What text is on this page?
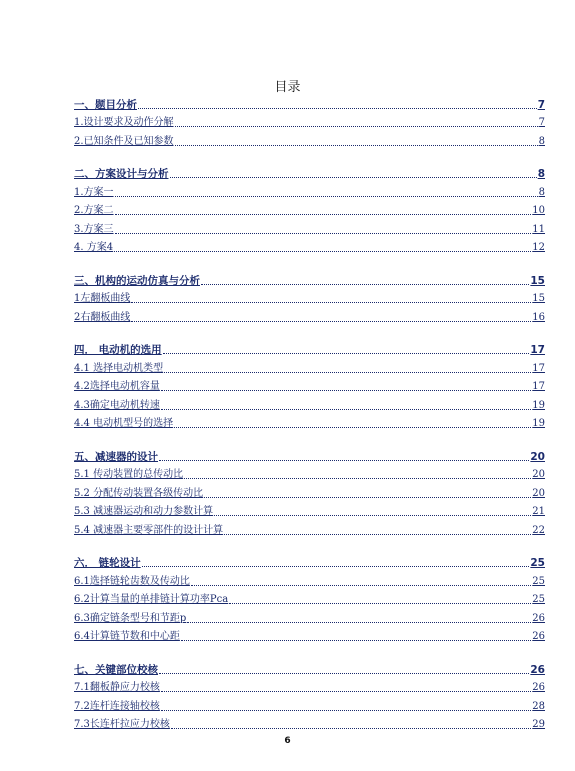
目录
一、题目分析	7
1.设计要求及动作分解	7
2.已知条件及已知参数	8
二、方案设计与分析	8
1.方案一	8
2.方案二	10
3.方案三	11
4. 方案4	12
三、机构的运动仿真与分析	15
1左翻板曲线	15
2右翻板曲线	16
四． 电动机的选用	17
4.1 选择电动机类型	17
4.2选择电动机容量	17
4.3确定电动机转速	19
4.4 电动机型号的选择	19
五、减速器的设计	20
5.1 传动装置的总传动比	20
5.2 分配传动装置各级传动比	20
5.3 减速器运动和动力参数计算	21
5.4 减速器主要零部件的设计计算	22
六． 链轮设计	25
6.1选择链轮齿数及传动比	25
6.2计算当量的单排链计算功率Pca	25
6.3确定链条型号和节距p	26
6.4计算链节数和中心距	26
七、关键部位校核	26
7.1翻板静应力校核	26
7.2连杆连接轴校核	28
7.3长连杆拉应力校核	29
6
